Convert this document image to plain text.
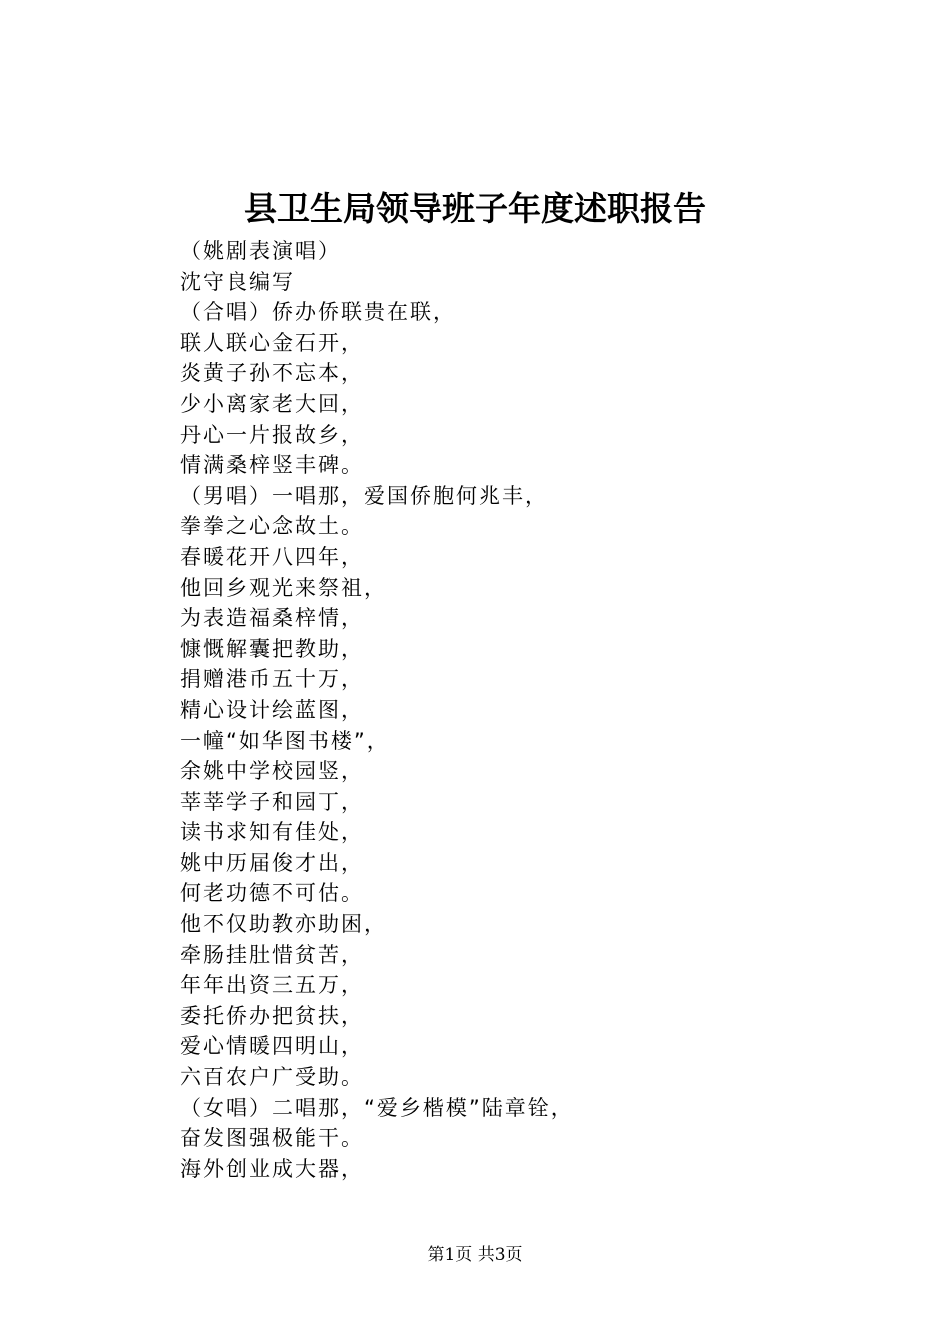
县卫生局领导班子年度述职报告
（姚剧表演唱）
沈守良编写
（合唱）侨办侨联贵在联，
联人联心金石开，
炎黄子孙不忘本，
少小离家老大回，
丹心一片报故乡，
情满桑梓竖丰碑。
（男唱）一唱那，爱国侨胞何兆丰，
拳拳之心念故土。
春暖花开八四年，
他回乡观光来祭祖，
为表造福桑梓情，
慷慨解囊把教助，
捐赠港币五十万，
精心设计绘蓝图，
一幢“如华图书楼”，
余姚中学校园竖，
莘莘学子和园丁，
读书求知有佳处，
姚中历届俊才出，
何老功德不可估。
他不仅助教亦助困，
牵肠挂肚惜贫苦，
年年出资三五万，
委托侨办把贫扶，
爱心情暖四明山，
六百农户广受助。
（女唱）二唱那，“爱乡楷模”陆章铨，
奋发图强极能干。
海外创业成大器，
第1页 共3页
